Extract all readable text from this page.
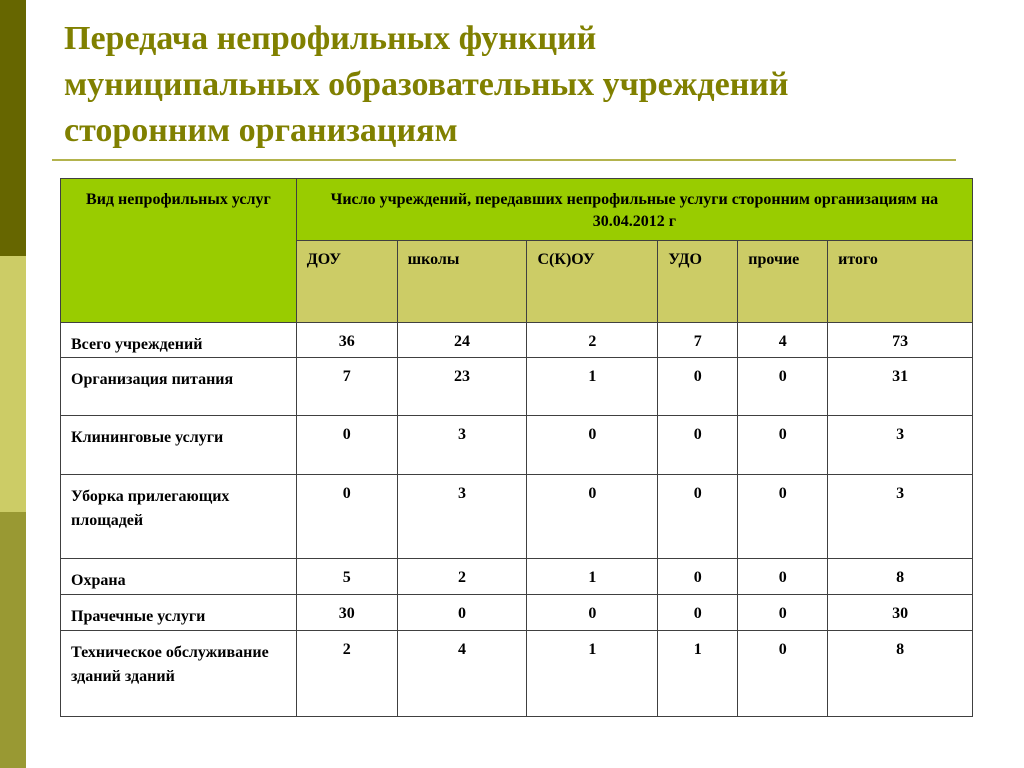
Передача непрофильных функций
муниципальных образовательных учреждений
сторонним организациям
Вид непрофильных услуг	Число учреждений, передавших непрофильные услуги сторонним организациям на 30.04.2012 г					
	ДОУ	школы	С(К)ОУ	УДО	прочие	итого
Всего учреждений	36	24	2	7	4	73
Организация питания	7	23	1	0	0	31
Клининговые услуги	0	3	0	0	0	3
Уборка прилегающих площадей	0	3	0	0	0	3
Охрана	5	2	1	0	0	8
Прачечные услуги	30	0	0	0	0	30
Техническое обслуживание зданий зданий	2	4	1	1	0	8
